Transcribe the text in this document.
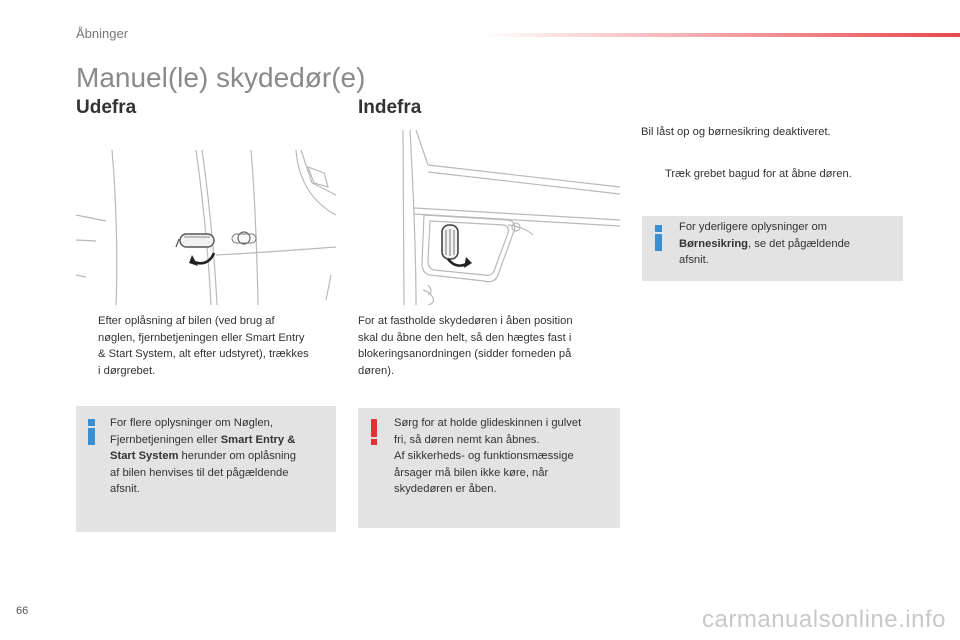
Åbninger
Manuel(le) skydedør(e)
Udefra	Indefra
Efter oplåsning af bilen (ved brug af
nøglen, fjernbetjeningen eller Smart Entry
& Start System, alt efter udstyret), trækkes
i dørgrebet.
For flere oplysninger om Nøglen,
Fjernbetjeningen eller Smart Entry &
Start System herunder om oplåsning
af bilen henvises til det pågældende
afsnit.
For at fastholde skydedøren i åben position
skal du åbne den helt, så den hægtes fast i
blokeringsanordningen (sidder forneden på
døren).
Sørg for at holde glideskinnen i gulvet
fri, så døren nemt kan åbnes.
Af sikkerheds- og funktionsmæssige
årsager må bilen ikke køre, når
skydedøren er åben.
Bil låst op og børnesikring deaktiveret.
Træk grebet bagud for at åbne døren.
For yderligere oplysninger om
Børnesikring, se det pågældende
afsnit.
66	carmanualsonline.info
